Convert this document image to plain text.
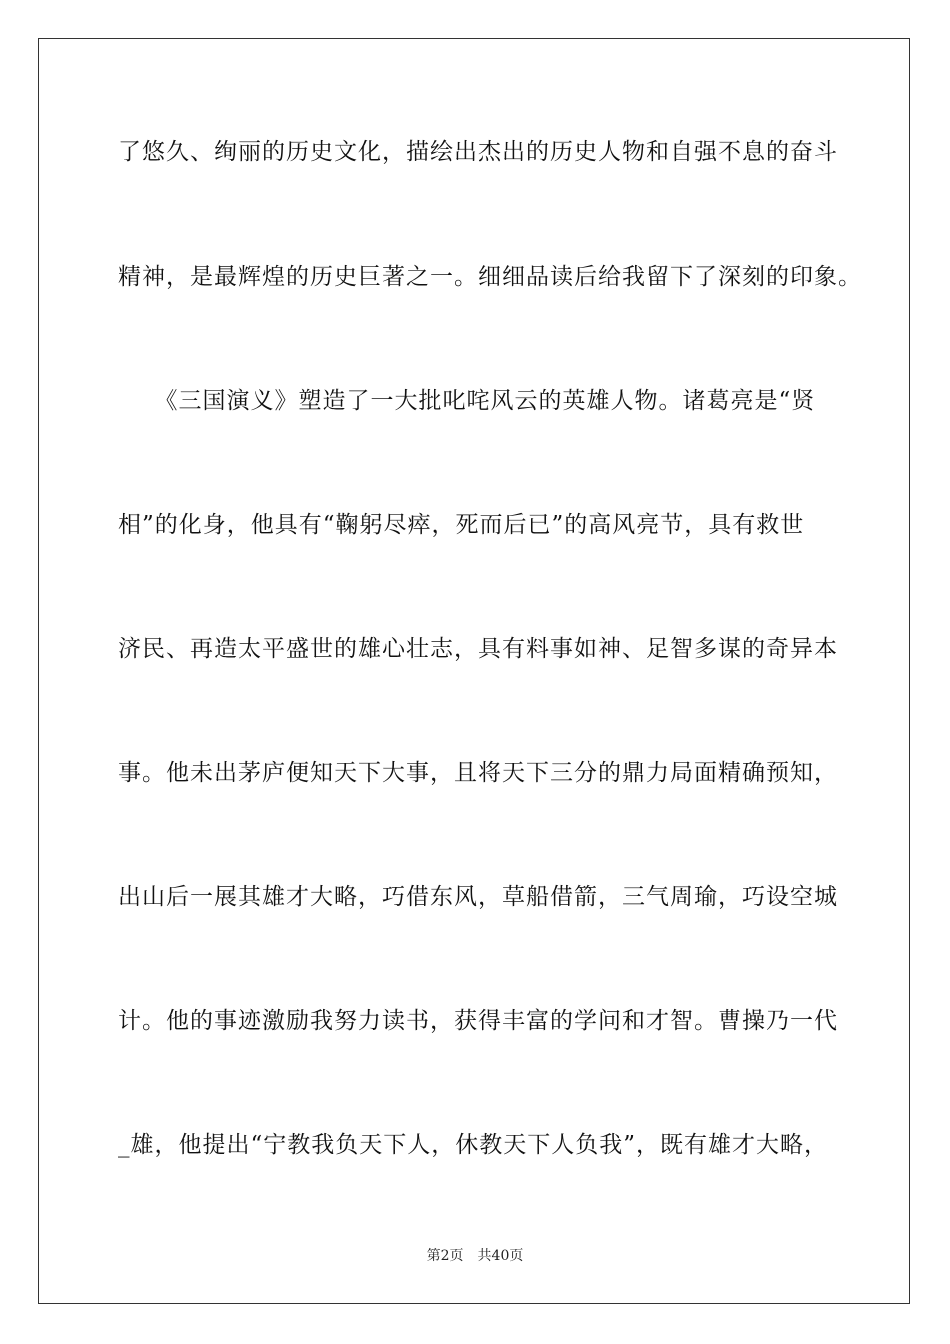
了悠久、绚丽的历史文化，描绘出杰出的历史人物和自强不息的奋斗
精神，是最辉煌的历史巨著之一。细细品读后给我留下了深刻的印象。
　　《三国演义》塑造了一大批叱咤风云的英雄人物。诸葛亮是“贤
相”的化身，他具有“鞠躬尽瘁，死而后已”的高风亮节，具有救世
济民、再造太平盛世的雄心壮志，具有料事如神、足智多谋的奇异本
事。他未出茅庐便知天下大事，且将天下三分的鼎力局面精确预知，
出山后一展其雄才大略，巧借东风，草船借箭，三气周瑜，巧设空城
计。他的事迹激励我努力读书，获得丰富的学问和才智。曹操乃一代
_雄，他提出“宁教我负天下人，休教天下人负我”，既有雄才大略，
第2页 共40页
